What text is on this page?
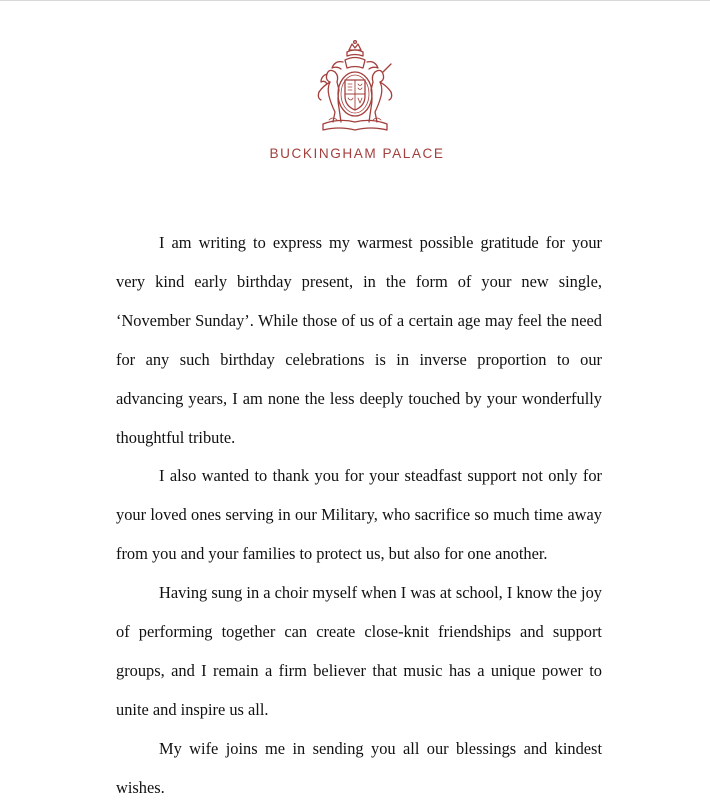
BUCKINGHAM PALACE

I am writing to express my warmest possible gratitude for your very kind early birthday present, in the form of your new single, ‘November Sunday’. While those of us of a certain age may feel the need for any such birthday celebrations is in inverse proportion to our advancing years, I am none the less deeply touched by your wonderfully thoughtful tribute.

I also wanted to thank you for your steadfast support not only for your loved ones serving in our Military, who sacrifice so much time away from you and your families to protect us, but also for one another.

Having sung in a choir myself when I was at school, I know the joy of performing together can create close-knit friendships and support groups, and I remain a firm believer that music has a unique power to unite and inspire us all.

My wife joins me in sending you all our blessings and kindest wishes.
